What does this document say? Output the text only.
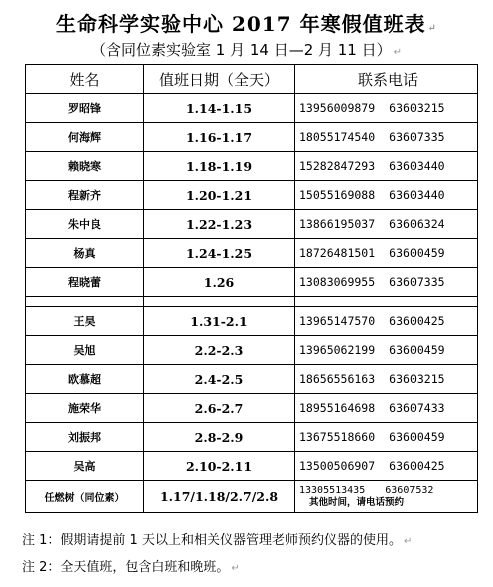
生命科学实验中心 2017 年寒假值班表 ↵
（含同位素实验室 1 月 14 日—2 月 11 日） ↵
姓名	值班日期（全天）	联系电话
罗昭锋	1.14-1.15	13956009879 63603215
何海辉	1.16-1.17	18055174540 63607335
赖晓寒	1.18-1.19	15282847293 63603440
程新齐	1.20-1.21	15055169088 63603440
朱中良	1.22-1.23	13866195037 63606324
杨真	1.24-1.25	18726481501 63600459
程晓蕾	1.26	13083069955 63607335

王昊	1.31-2.1	13965147570 63600425
吴旭	2.2-2.3	13965062199 63600459
欧慕超	2.4-2.5	18656556163 63603215
施荣华	2.6-2.7	18955164698 63607433
刘振邦	2.8-2.9	13675518660 63600459
吴高	2.10-2.11	13500506907 63600425
任燃树（同位素）	1.17/1.18/2.7/2.8	13305513435 63607532
其他时间，请电话预约
注 1：假期请提前 1 天以上和相关仪器管理老师预约仪器的使用。 ↵
注 2：全天值班，包含白班和晚班。 ↵
